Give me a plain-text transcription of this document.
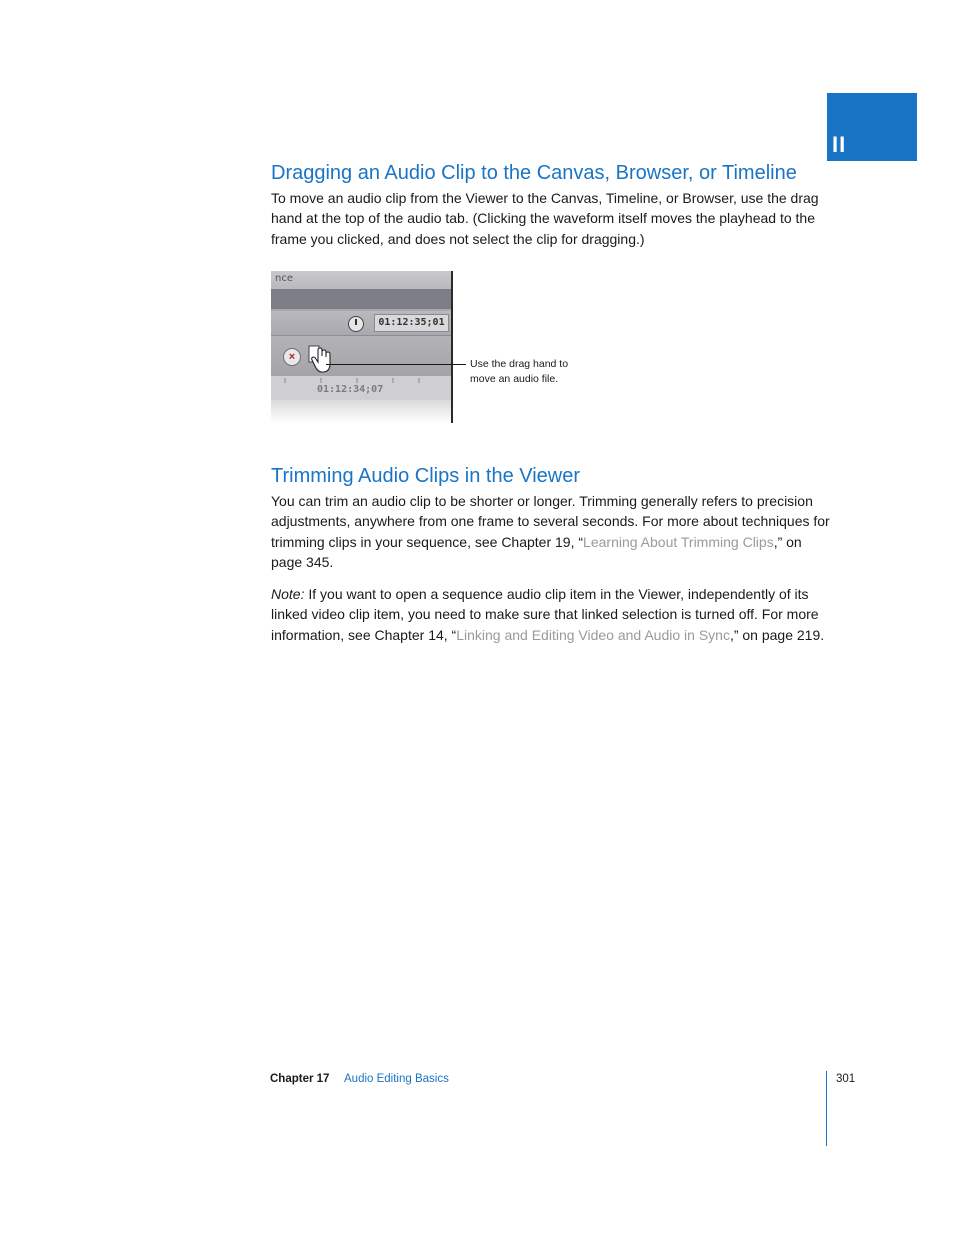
II
Dragging an Audio Clip to the Canvas, Browser, or Timeline

To move an audio clip from the Viewer to the Canvas, Timeline, or Browser, use the drag hand at the top of the audio tab. (Clicking the waveform itself moves the playhead to the frame you clicked, and does not select the clip for dragging.)

nce
01:12:35;01
×
01:12:34;07

Use the drag hand to move an audio file.

Trimming Audio Clips in the Viewer

You can trim an audio clip to be shorter or longer. Trimming generally refers to precision adjustments, anywhere from one frame to several seconds. For more about techniques for trimming clips in your sequence, see Chapter 19, “Learning About Trimming Clips,” on page 345.

Note: If you want to open a sequence audio clip item in the Viewer, independently of its linked video clip item, you need to make sure that linked selection is turned off. For more information, see Chapter 14, “Linking and Editing Video and Audio in Sync,” on page 219.

Chapter 17 Audio Editing Basics	301
